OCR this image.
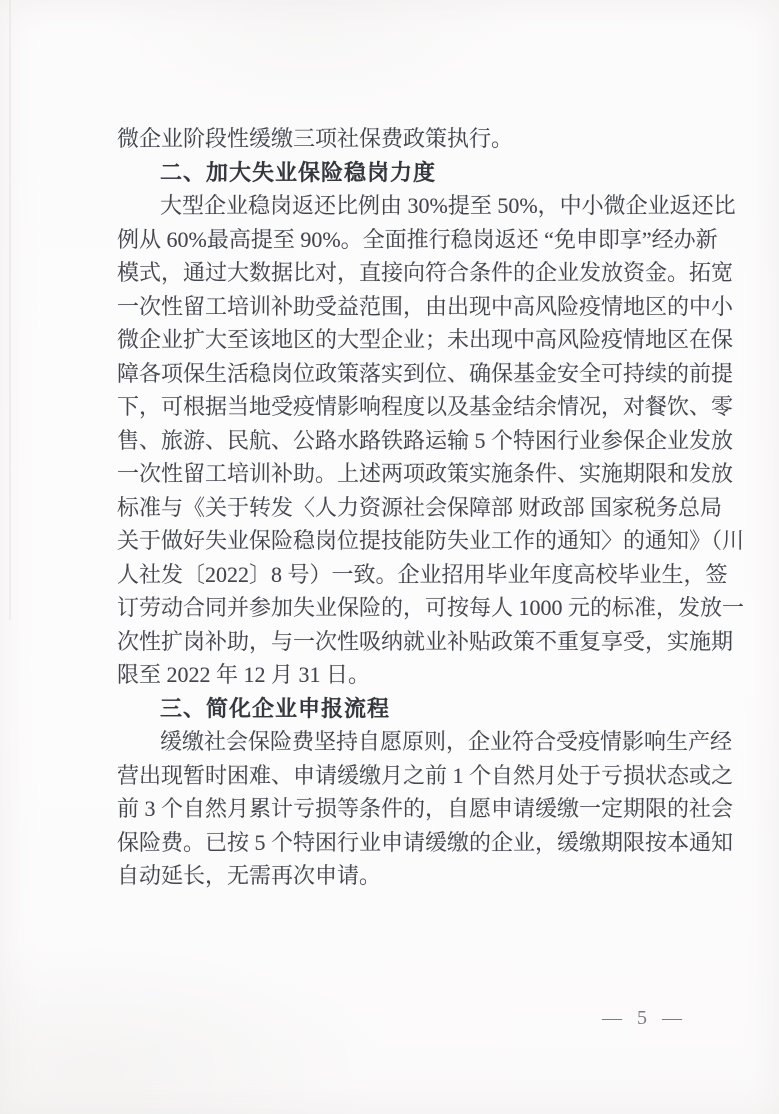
微企业阶段性缓缴三项社保费政策执行。
二、加大失业保险稳岗力度
大型企业稳岗返还比例由 30%提至 50%，中小微企业返还比
例从 60%最高提至 90%。全面推行稳岗返还 “免申即享”经办新
模式，通过大数据比对，直接向符合条件的企业发放资金。拓宽
一次性留工培训补助受益范围，由出现中高风险疫情地区的中小
微企业扩大至该地区的大型企业；未出现中高风险疫情地区在保
障各项保生活稳岗位政策落实到位、确保基金安全可持续的前提
下，可根据当地受疫情影响程度以及基金结余情况，对餐饮、零
售、旅游、民航、公路水路铁路运输 5 个特困行业参保企业发放
一次性留工培训补助。上述两项政策实施条件、实施期限和发放
标准与《关于转发〈人力资源社会保障部 财政部 国家税务总局
关于做好失业保险稳岗位提技能防失业工作的通知〉的通知》（川
人社发〔2022〕8 号）一致。企业招用毕业年度高校毕业生，签
订劳动合同并参加失业保险的，可按每人 1000 元的标准，发放一
次性扩岗补助，与一次性吸纳就业补贴政策不重复享受，实施期
限至 2022 年 12 月 31 日。
三、简化企业申报流程
缓缴社会保险费坚持自愿原则，企业符合受疫情影响生产经
营出现暂时困难、申请缓缴月之前 1 个自然月处于亏损状态或之
前 3 个自然月累计亏损等条件的，自愿申请缓缴一定期限的社会
保险费。已按 5 个特困行业申请缓缴的企业，缓缴期限按本通知
自动延长，无需再次申请。
— 5 —
